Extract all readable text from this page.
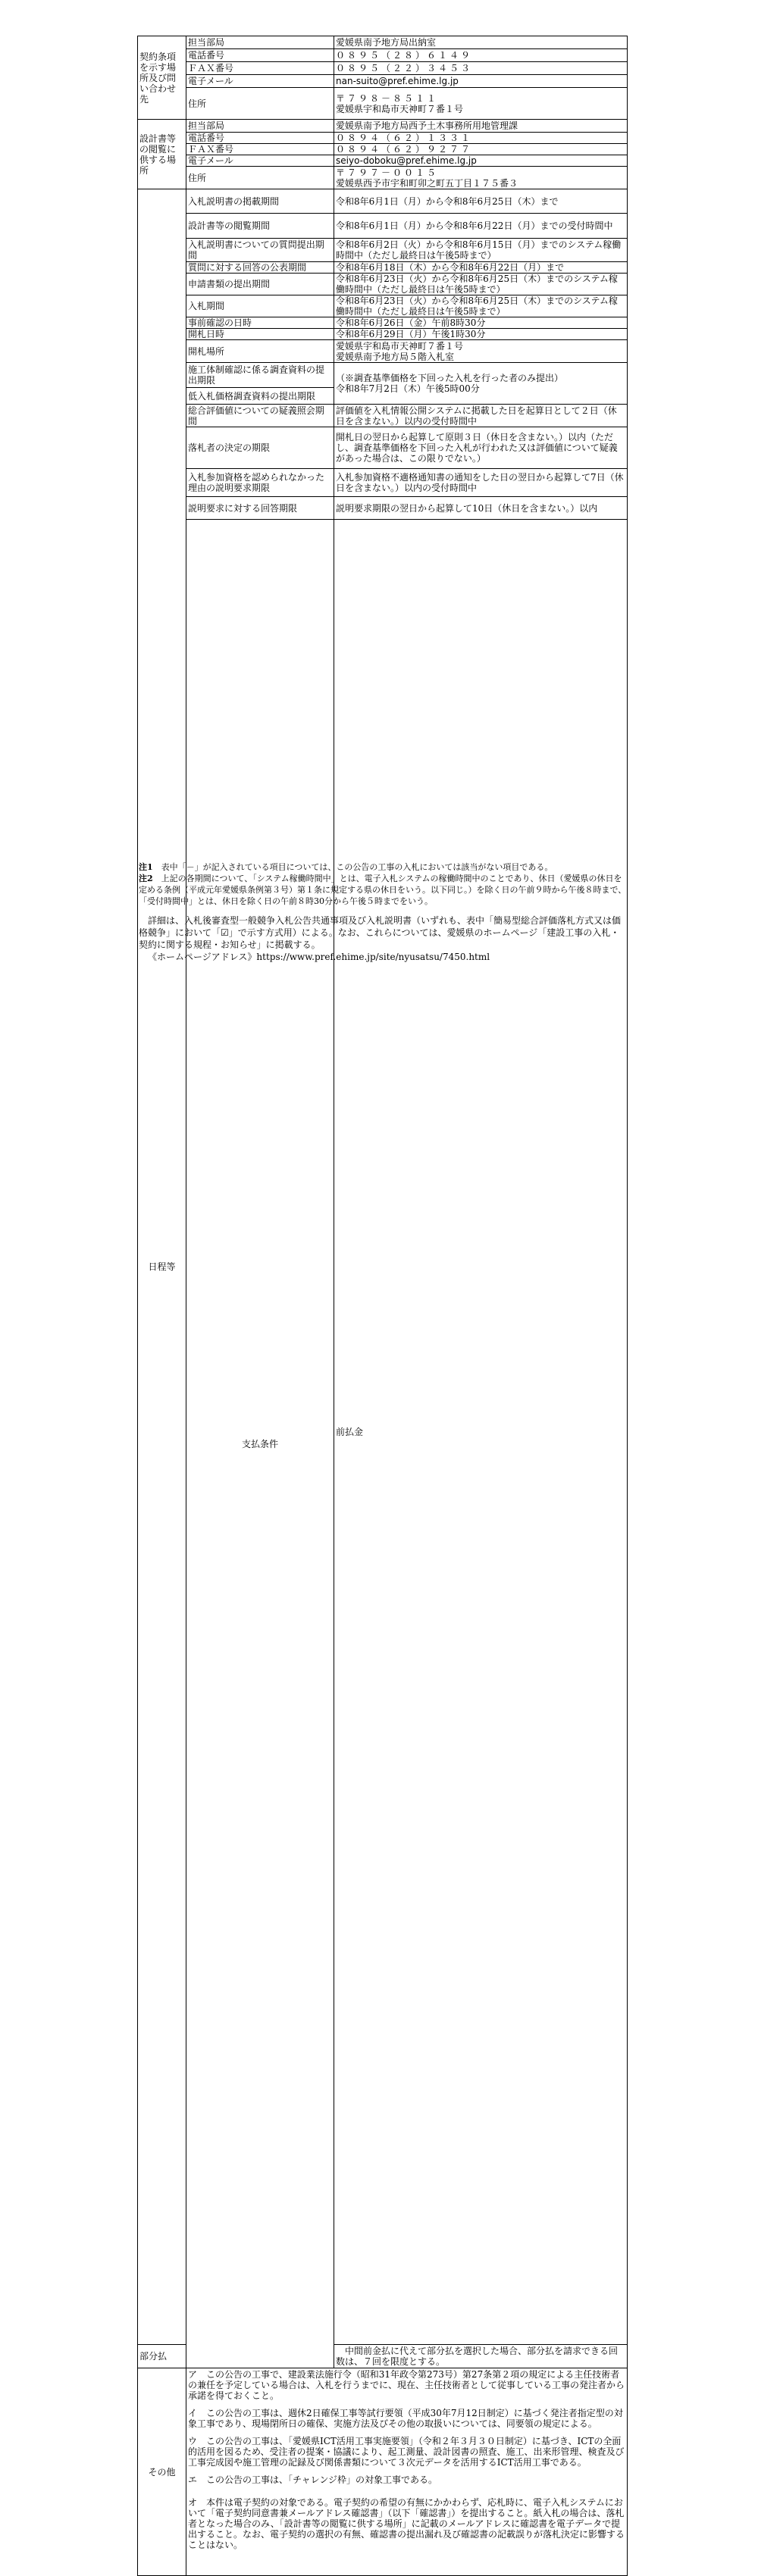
契約条項を示す場所及び問い合わせ先	担当部局	愛媛県南予地方局出納室	
	電話番号	０８９５（２８）６１４９	
	ＦＡＸ番号	０８９５（２２）３４５３	
	電子メール	nan-suito@pref.ehime.lg.jp	
	住所	〒７９８－８５１１
愛媛県宇和島市天神町７番１号	

設計書等の閲覧に供する場所	担当部局	愛媛県南予地方局西予土木事務所用地管理課	
	電話番号	０８９４（６２）１３３１	
	ＦＡＸ番号	０８９４（６２）９２７７	
	電子メール	seiyo-doboku@pref.ehime.lg.jp	
	住所	〒７９７－００１５
愛媛県西予市宇和町卯之町五丁目１７５番３	

日程等	入札説明書の掲載期間	令和8年6月1日（月）から令和8年6月25日（木）まで	
	設計書等の閲覧期間	令和8年6月1日（月）から令和8年6月22日（月）までの受付時間中	
	入札説明書についての質問提出期間	令和8年6月2日（火）から令和8年6月15日（月）までのシステム稼働時間中（ただし最終日は午後5時まで）	
	質問に対する回答の公表期間	令和8年6月18日（木）から令和8年6月22日（月）まで	
	申請書類の提出期間	令和8年6月23日（火）から令和8年6月25日（木）までのシステム稼働時間中（ただし最終日は午後5時まで）	
	入札期間	令和8年6月23日（火）から令和8年6月25日（木）までのシステム稼働時間中（ただし最終日は午後5時まで）	
	事前確認の日時	令和8年6月26日（金）午前8時30分	
	開札日時	令和8年6月29日（月）午後1時30分	
	開札場所	愛媛県宇和島市天神町７番１号
愛媛県南予地方局５階入札室	

	施工体制確認に係る調査資料の提出期限	（※調査基準価格を下回った入札を行った者のみ提出）
令和8年7月2日（木）午後5時00分	

	低入札価格調査資料の提出期限		
	総合評価値についての疑義照会期間	評価値を入札情報公開システムに掲載した日を起算日として２日（休日を含まない。）以内の受付時間中	
	落札者の決定の期限	開札日の翌日から起算して原則３日（休日を含まない。）以内（ただし、調査基準価格を下回った入札が行われた又は評価値について疑義があった場合は、この限りでない。）	
	入札参加資格を認められなかった理由の説明要求期限	入札参加資格不適格通知書の通知をした日の翌日から起算して7日（休日を含まない。）以内の受付時間中	
	説明要求に対する回答期限	説明要求期限の翌日から起算して10日（休日を含まない。）以内	
	支払条件	前払金	

部分払		中間前金払に代えて部分払を選択した場合、部分払を請求できる回数は、７回を限度とする。	
その他	ア　この公告の工事で、建設業法施行令（昭和31年政令第273号）第27条第２項の規定による主任技術者の兼任を予定している場合は、入札を行うまでに、現在、主任技術者として従事している工事の発注者から承諾を得ておくこと。

イ　この公告の工事は、週休2日確保工事等試行要領（平成30年7月12日制定）に基づく発注者指定型の対象工事であり、現場閉所日の確保、実施方法及びその他の取扱いについては、同要領の規定による。

ウ　この公告の工事は、「愛媛県ICT活用工事実施要領」（令和２年３月３０日制定）に基づき、ICTの全面的活用を図るため、受注者の提案・協議により、起工測量、設計図書の照査、施工、出来形管理、検査及び工事完成図や施工管理の記録及び関係書類について３次元データを活用するICT活用工事である。

エ　この公告の工事は、「チャレンジ枠」の対象工事である。

オ　本件は電子契約の対象である。電子契約の希望の有無にかかわらず、応札時に、電子入札システムにおいて「電子契約同意書兼メールアドレス確認書」（以下「確認書」）を提出すること。紙入札の場合は、落札者となった場合のみ、「設計書等の閲覧に供する場所」に記載のメールアドレスに確認書を電子データで提出すること。なお、電子契約の選択の有無、確認書の提出漏れ及び確認書の記載誤りが落札決定に影響することはない。		

注1　 表中「－」が記入されている項目については、この公告の工事の入札においては該当がない項目である。

注2　 上記の各期間について、「システム稼働時間中」とは、電子入札システムの稼働時間中のことであり、休日（愛媛県の休日を定める条例（平成元年愛媛県条例第３号）第１条に規定する県の休日をいう。以下同じ。）を除く日の午前９時から午後８時まで、「受付時間中」とは、休日を除く日の午前８時30分から午後５時までをいう。

詳細は、入札後審査型一般競争入札公告共通事項及び入札説明書（いずれも、表中「簡易型総合評価落札方式又は価格競争」において「☑」で示す方式用）による。なお、これらについては、愛媛県のホームページ「建設工事の入札・契約に関する規程・お知らせ」に掲載する。

《ホームページアドレス》https://www.pref.ehime.jp/site/nyusatsu/7450.html
